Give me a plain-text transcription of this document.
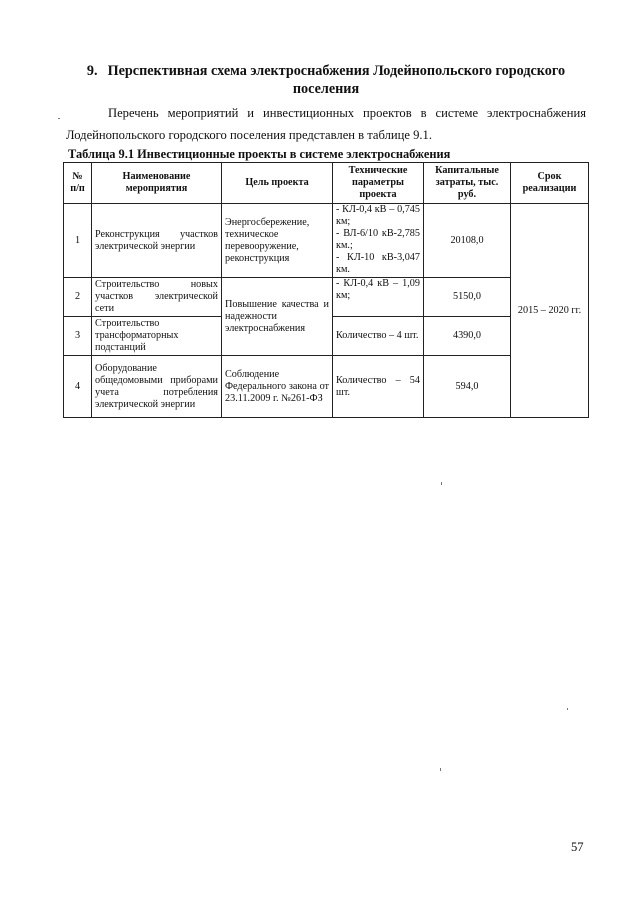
9. Перспективная схема электроснабжения Лодейнопольского городского
поселения
Перечень мероприятий и инвестиционных проектов в системе электроснабжения
Лодейнопольского городского поселения представлен в таблице 9.1.
Таблица 9.1 Инвестиционные проекты в системе электроснабжения
№ п/п	Наименование мероприятия	Цель проекта	Технические параметры проекта	Капитальные затраты, тыс. руб.	Срок реализации
1	Реконструкция участков электрической энергии	Энергосбережение, техническое перевооружение, реконструкция	- КЛ-0,4 кВ – 0,745 км;
- ВЛ-6/10 кВ-2,785 км.;
- КЛ-10 кВ-3,047 км.	20108,0	2015 – 2020 гг.
2	Строительство новых участков электрической сети	Повышение качества и надежности электроснабжения	- КЛ-0,4 кВ – 1,09 км;	5150,0	
3	Строительство трансформаторных подстанций		Количество – 4 шт.	4390,0	
4	Оборудование общедомовыми приборами учета потребления электрической энергии	Соблюдение Федерального закона от 23.11.2009 г. №261-ФЗ	Количество – 54 шт.	594,0	
57
